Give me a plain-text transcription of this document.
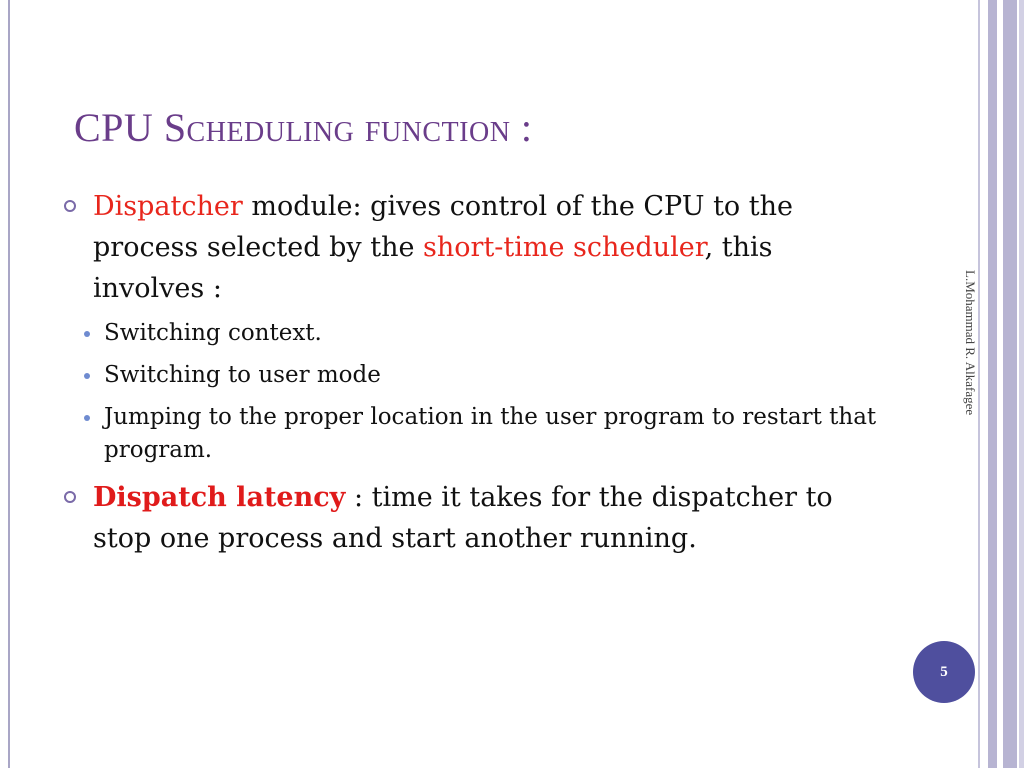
CPU Scheduling function :
Dispatcher module: gives control of the CPU to the process selected by the short-time scheduler, this involves :
Switching context.
Switching to user mode
Jumping to the proper location in the user program to restart that program.
Dispatch latency : time it takes for the dispatcher to stop one process and start another running.
L.Mohammad R. Alkafagee
5
